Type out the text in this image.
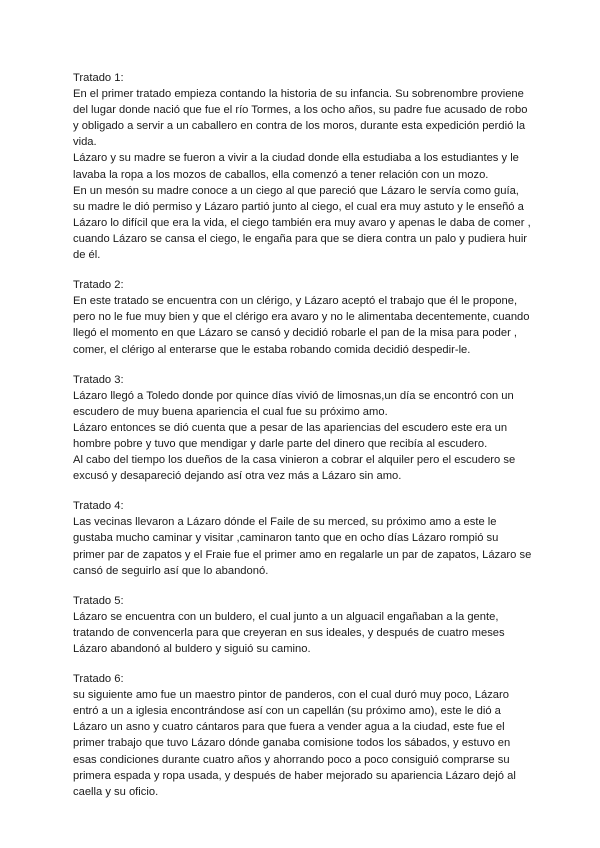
Tratado 1:

En el primer tratado empieza contando la historia de su infancia. Su sobrenombre proviene del lugar donde nació que fue el río Tormes, a los ocho años, su padre fue acusado de robo y obligado a servir a un caballero en contra de los moros, durante esta expedición perdió la vida.

Lázaro y su madre se fueron a vivir a la ciudad donde ella estudiaba a los estudiantes y le lavaba la ropa a los mozos de caballos, ella comenzó a tener relación con un mozo.

En un mesón su madre conoce a un ciego al que pareció que Lázaro le servía como guía, su madre le dió permiso y Lázaro partió junto al ciego, el cual era muy astuto y le enseñó a Lázaro lo difícil que era la vida, el ciego también era muy avaro y apenas le daba de comer , cuando Lázaro se cansa el ciego, le engaña para que se diera contra un palo y pudiera huir de él.

Tratado 2:

En este tratado se encuentra con un clérigo, y Lázaro aceptó el trabajo que él le propone, pero no le fue muy bien y que el clérigo era avaro y no le alimentaba decentemente, cuando llegó el momento en que Lázaro se cansó y decidió robarle el pan de la misa para poder , comer, el clérigo al enterarse que le estaba robando comida decidió despedir-le.

Tratado 3:

Lázaro llegó a Toledo donde por quince días vivió de limosnas,un día se encontró con un escudero de muy buena apariencia el cual fue su próximo amo.

Lázaro entonces se dió cuenta que a pesar de las apariencias del escudero este era un hombre pobre y tuvo que mendigar y darle parte del dinero que recibía al escudero.

Al cabo del tiempo los dueños de la casa vinieron a cobrar el alquiler pero el escudero se excusó y desapareció dejando así otra vez más a Lázaro sin amo.

Tratado 4:

Las vecinas llevaron a Lázaro dónde el Faile de su merced, su próximo amo a este le gustaba mucho caminar y visitar ,caminaron tanto que en ocho días Lázaro rompió su primer par de zapatos y el Fraie fue el primer amo en regalarle un par de zapatos, Lázaro se cansó de seguirlo así que lo abandonó.

Tratado 5:

Lázaro se encuentra con un buldero, el cual junto a un alguacil engañaban a la gente, tratando de convencerla para que creyeran en sus ideales, y después de cuatro meses Lázaro abandonó al buldero y siguió su camino.

Tratado 6:

su siguiente amo fue un maestro pintor de panderos, con el cual duró muy poco, Lázaro entró a un a iglesia encontrándose así con un capellán (su próximo amo), este le dió a Lázaro un asno y cuatro cántaros para que fuera a vender agua a la ciudad, este fue el primer trabajo que tuvo Lázaro dónde ganaba comisione todos los sábados, y estuvo en esas condiciones durante cuatro años y ahorrando poco a poco consiguió comprarse su primera espada y ropa usada, y después de haber mejorado su apariencia Lázaro dejó al caella y su oficio.
